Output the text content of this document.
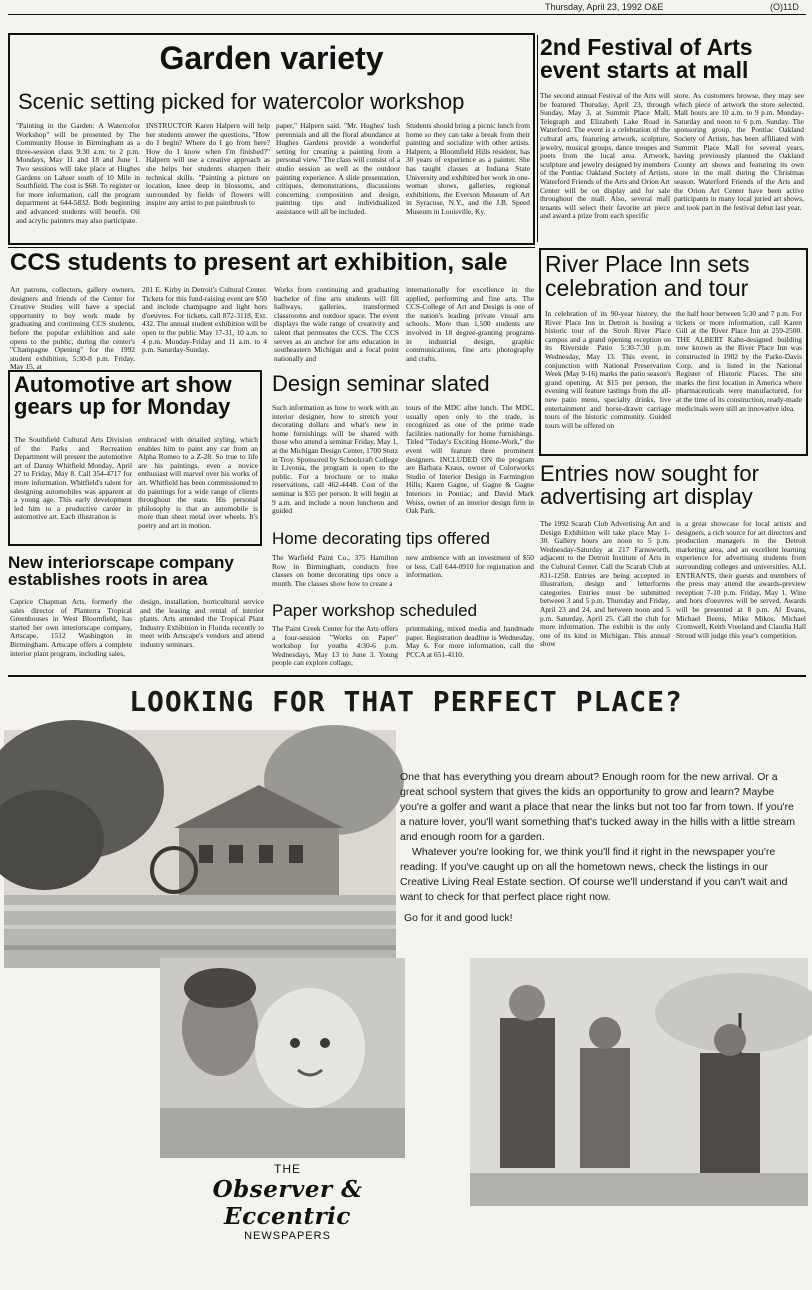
Thursday, April 23, 1992 O&E	(O)11D
Garden variety
Scenic setting picked for watercolor workshop
"Painting in the Garden: A Watercolor Workshop" will be presented by The Community House in Birmingham as a three-session class 9:30 a.m. to 2 p.m. Mondays, May 11 and 18 and June 1. Two sessions will take place at Hughes Gardens on Lahser south of 10 Mile in Southfield. The cost is $68. To register or for more information, call the program department at 644-5832. Both beginning and advanced students will benefit. Oil and acrylic painters may also participate.
INSTRUCTOR Karen Halpern will help her students answer the questions, "How do I begin? Where do I go from here? How do I know when I'm finished?" Halpern will use a creative approach as she helps her students sharpen their technical skills. "Painting a picture on location, knee deep in blossoms, and surrounded by fields of flowers will inspire any artist to put paintbrush to
paper," Halpern said. "Mr. Hughes' lush perennials and all the floral abundance at Hughes Gardens provide a wonderful setting for creating a painting from a personal view." The class will consist of a studio session as well as the outdoor painting experience. A slide presentation, critiques, demonstrations, discussions concerning composition and design, painting tips and individualized assistance will all be included.
Students should bring a picnic lunch from home so they can take a break from their painting and socialize with other artists. Halpern, a Bloomfield Hills resident, has 30 years of experience as a painter. She has taught classes at Indiana State University and exhibited her work in one-woman shows, galleries, regional exhibitions, the Everson Museum of Art in Syracuse, N.Y., and the J.B. Speed Museum in Louisville, Ky.
2nd Festival of Arts event starts at mall
The second annual Festival of the Arts will be featured Thursday, April 23, through Sunday, May 3, at Summit Place Mall, Telegraph and Elizabeth Lake Road in Waterford. The event is a celebration of the cultural arts, featuring artwork, sculpture, jewelry, musical groups, dance troupes and poets from the local area. Artwork, sculpture and jewelry designed by members of the Pontiac Oakland Society of Artists, Waterford Friends of the Arts and Orion Art Center will be on display and for sale throughout the mall. Also, several mall tenants will select their favorite art piece and award a prize from each specific
store. As customers browse, they may see which piece of artwork the store selected. Mall hours are 10 a.m. to 9 p.m. Monday-Saturday and noon to 6 p.m. Sunday. The sponsoring group, the Pontiac Oakland Society of Artists, has been affiliated with Summit Place Mall for several years, having previously planned the Oakland County art shows and featuring its own store in the mall during the Christmas season. Waterford Friends of the Arts and the Orion Art Center have been active participants in many local juried art shows, and took part in the festival debut last year.
CCS students to present art exhibition, sale
Art patrons, collectors, gallery owners, designers and friends of the Center for Creative Studies will have a special opportunity to buy work made by graduating and continuing CCS students, before the popular exhibition and sale opens to the public, during the center's "Champagne Opening" for the 1992 student exhibition, 5:30-8 p.m. Friday, May 15, at
201 E. Kirby in Detroit's Cultural Center. Tickets for this fund-raising event are $50 and include champagne and light hors d'oeuvres. For tickets, call 872-3118, Ext. 432. The annual student exhibition will be open to the public May 17-31, 10 a.m. to 4 p.m. Monday-Friday and 11 a.m. to 4 p.m. Saturday-Sunday.
Works from continuing and graduating bachelor of fine arts students will fill hallways, galleries, transformed classrooms and outdoor space. The event displays the wide range of creativity and talent that permeates the CCS. The CCS serves as an anchor for arts education in southeastern Michigan and a focal point nationally and
internationally for excellence in the applied, performing and fine arts. The CCS-College of Art and Design is one of the nation's leading private visual arts schools. More than 1,500 students are involved in 18 degree-granting programs in industrial design, graphic communications, fine arts photography and crafts.
River Place Inn sets celebration and tour
In celebration of its 90-year history, the River Place Inn in Detroit is hosting a historic tour of the Stroh River Place campus and a grand opening reception on its Riverside Patio 5:30-7:30 p.m. Wednesday, May 13. This event, in conjunction with National Preservation Week (May 9-16) marks the patio season's grand opening. At $15 per person, the evening will feature tastings from the all-new patio menu, specialty drinks, live entertainment and horse-drawn carriage tours of the historic community. Guided tours will be offered on
the half hour between 5:30 and 7 p.m. For tickets or more information, call Karen Gill at the River Place Inn at 259-2500. THE ALBERT Kahn-designed building now known as the River Place Inn was constructed in 1902 by the Parke-Davis Corp. and is listed in the National Register of Historic Places. The site marks the first location in America where pharmaceuticals were manufactured, for at the time of its construction, ready-made medicinals were still an innovative idea.
Automotive art show gears up for Monday
The Southfield Cultural Arts Division of the Parks and Recreation Department will present the automotive art of Danny Whitfield Monday, April 27 to Friday, May 8. Call 354-4717 for more information. Whitfield's talent for designing automobiles was apparent at a young age. This early development led him to a productive career in automotive art. Each illustration is
embraced with detailed styling, which enables him to paint any car from an Alpha Romeo to a Z-28. So true to life are his paintings, even a novice enthusiast will marvel over his works of art. Whitfield has been commissioned to do paintings for a wide range of clients throughout the state. His personal philosophy is that an automobile is more than sheet metal over wheels. It's poetry and art in motion.
Design seminar slated
Such information as how to work with an interior designer, how to stretch your decorating dollars and what's new in home furnishings will be shared with those who attend a seminar Friday, May 1, at the Michigan Design Center, 1700 Stutz in Troy. Sponsored by Schoolcraft College in Livonia, the program is open to the public. For a brochure or to make reservations, call 462-4448. Cost of the seminar is $55 per person. It will begin at 9 a.m. and include a noon luncheon and guided
tours of the MDC after lunch. The MDC, usually open only to the trade, is recognized as one of the prime trade facilities nationally for home furnishings. Titled "Today's Exciting Home-Work," the event will feature three prominent designers. INCLUDED ON the program are Barbara Kraus, owner of Colorworks Studio of Interior Design in Farmington Hills; Karen Gagne, of Gagne & Gagne Interiors in Pontiac; and David Mark Weiss, owner of an interior design firm in Oak Park.
Home decorating tips offered
The Warfield Paint Co., 375 Hamilton Row in Birmingham, conducts free classes on home decorating tips once a month. The classes show how to create a
new ambience with an investment of $50 or less. Call 644-0910 for registration and information.
Paper workshop scheduled
The Paint Creek Center for the Arts offers a four-session "Works on Paper" workshop for youths 4:30-6 p.m. Wednesdays, May 13 to June 3. Young people can explore collage,
printmaking, mixed media and handmade paper. Registration deadline is Wednesday, May 6. For more information, call the PCCA at 651-4110.
New interiorscape company establishes roots in area
Caprice Chapman Arts, formerly the sales director of Planterra Tropical Greenhouses in West Bloomfield, has started her own interiorscape company, Artscape, 1512 Washington in Birmingham. Artscape offers a complete interior plant program, including sales,
design, installation, horticultural service and the leasing and rental of interior plants. Arts attended the Tropical Plant Industry Exhibition in Florida recently to meet with Artscape's vendors and attend industry seminars.
Entries now sought for advertising art display
The 1992 Scarab Club Advertising Art and Design Exhibition will take place May 1-30. Gallery hours are noon to 5 p.m. Wednesday-Saturday at 217 Farnsworth, adjacent to the Detroit Institute of Arts in the Cultural Center. Call the Scarab Club at 831-1250. Entries are being accepted in illustration, design and letterforms categories. Entries must be submitted between 3 and 5 p.m. Thursday and Friday, April 23 and 24, and between noon and 5 p.m. Saturday, April 25. Call the club for more information. The exhibit is the only one of its kind in Michigan. This annual show
is a great showcase for local artists and designers, a rich source for art directors and production managers in the Detroit marketing area, and an excellent learning experience for advertising students from surrounding colleges and universities. ALL ENTRANTS, their guests and members of the press may attend the awards-preview reception 7-10 p.m. Friday, May 1. Wine and hors d'oeuvres will be served. Awards will be presented at 8 p.m. Al Evans, Michael Beens, Mike Mikos, Michael Cromwell, Keith Vreeland and Claudia Hall Stroud will judge this year's competition.
LOOKING FOR THAT PERFECT PLACE?
One that has everything you dream about? Enough room for the new arrival. Or a great school system that gives the kids an opportunity to grow and learn? Maybe you're a golfer and want a place that near the links but not too far from town. If you're a nature lover, you'll want something that's tucked away in the hills with a little stream and enough room for a garden.
Whatever you're looking for, we think you'll find it right in the newspaper you're reading. If you've caught up on all the hometown news, check the listings in our Creative Living Real Estate section. Of course we'll understand if you can't wait and want to check for that perfect place right now.
Go for it and good luck!
THE
Observer & Eccentric
NEWSPAPERS
